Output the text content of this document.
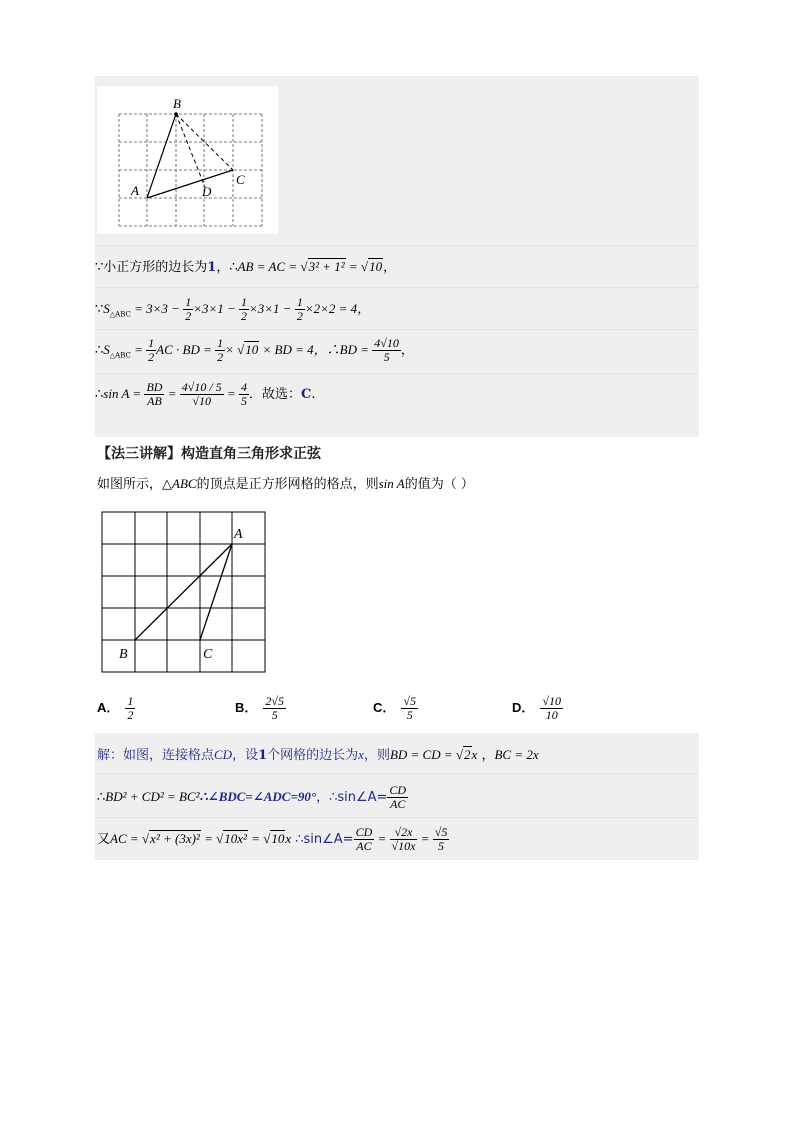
B
A
C
D
∵小正方形的边长为1，∴AB = AC = √3² + 1² = √10，
$\because S_{\triangle ABC} = 3\times 3 - \frac{1}{2} \times 3\times 1 - \frac{1}{2} \times 3\times 1 - \frac{1}{2} \times 2\times 2 = 4$，
$\therefore S_{\triangle ABC} = \frac{1}{2}$ AC · BD = $\frac{1}{2} \times √10$ × BD = 4，∴BD = $\frac{4√10}{5}$ ，
∴sin $A = \frac{BD}{AB} = \frac{4√10 / 5}{√10} = \frac{4}{5}$ ．故选：C.
【法三讲解】构造直角三角形求正弦
如图所示，△ABC的顶点是正方形网格的格点，则sin A的值为（ ）
A
B	C
A． $\frac{1}{2}$	B． $\frac{2√5}{5}$	C． $\frac{√5}{5}$	D． $\frac{√10}{10}$
解：如图，连接格点CD，设1个网格的边长为x，则BD = CD = √2x ，BC = 2x
∴BD² + CD² = BC²∴∠BDC=∠ADC=90°，∴sin∠A= $\frac{CD}{AC}$
又AC = √x² + (3x)² = √10x² = √10x ∴sin∠A= $\frac{CD}{AC} = \frac{√2x}{√10x} = \frac{√5}{5}$
